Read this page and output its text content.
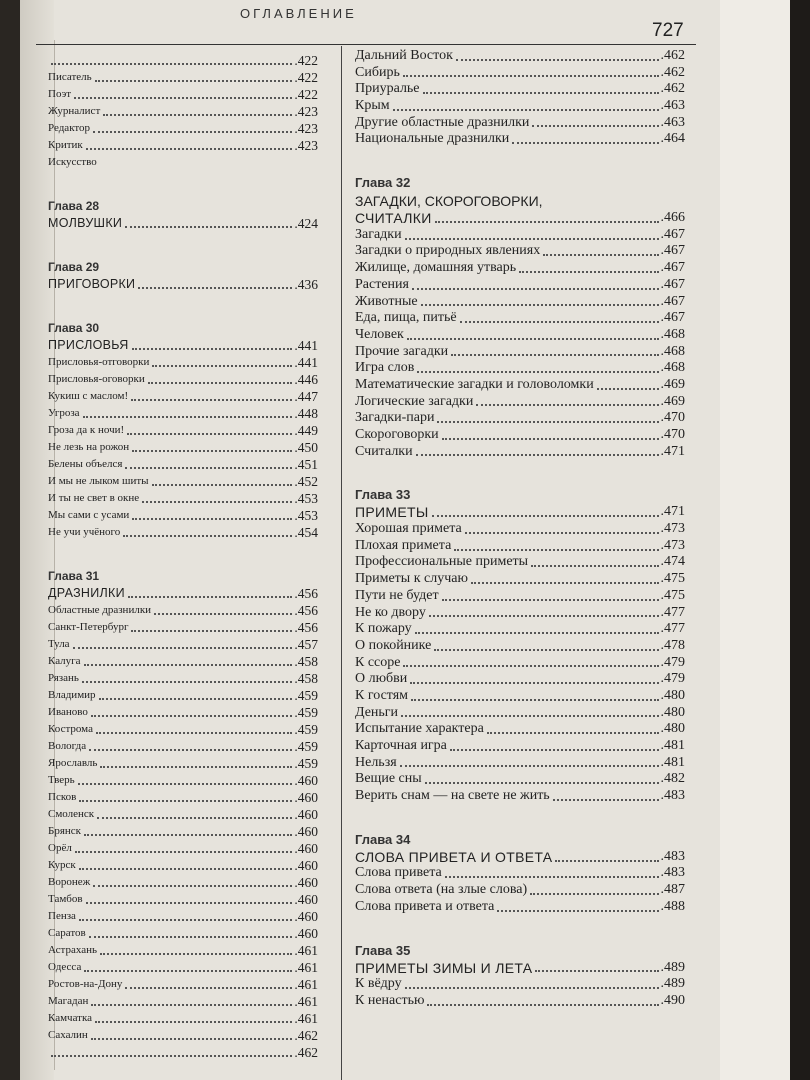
ОГЛАВЛЕНИЕ
727
.422
Писатель	.422
Поэт	.422
Журналист	.423
Редактор	.423
Критик	.423
Искусство
Глава 28
МОЛВУШКИ	.424
Глава 29
ПРИГОВОРКИ	.436
Глава 30
ПРИСЛОВЬЯ	.441
Присловья-отговорки	.441
Присловья-оговорки	.446
Кукиш с маслом!	.447
Угроза	.448
Гроза да к ночи!	.449
Не лезь на рожон	.450
Белены объелся	.451
И мы не лыком шиты	.452
И ты не свет в окне	.453
Мы сами с усами	.453
Не учи учёного	.454
Глава 31
ДРАЗНИЛКИ	.456
Областные дразнилки	.456
Санкт-Петербург	.456
Тула	.457
Калуга	.458
Рязань	.458
Владимир	.459
Иваново	.459
Кострома	.459
Вологда	.459
Ярославль	.459
Тверь	.460
Псков	.460
Смоленск	.460
Брянск	.460
Орёл	.460
Курск	.460
Воронеж	.460
Тамбов	.460
Пенза	.460
Саратов	.460
Астрахань	.461
Одесса	.461
Ростов-на-Дону	.461
Магадан	.461
Камчатка	.461
Сахалин	.462
.462
Дальний Восток	.462
Сибирь	.462
Приуралье	.462
Крым	.463
Другие областные дразнилки	.463
Национальные дразнилки	.464
Глава 32
ЗАГАДКИ, СКОРОГОВОРКИ,
СЧИТАЛКИ	.466
Загадки	.467
Загадки о природных явлениях	.467
Жилище, домашняя утварь	.467
Растения	.467
Животные	.467
Еда, пища, питьё	.467
Человек	.468
Прочие загадки	.468
Игра слов	.468
Математические загадки и головоломки	.469
Логические загадки	.469
Загадки-пари	.470
Скороговорки	.470
Считалки	.471
Глава 33
ПРИМЕТЫ	.471
Хорошая примета	.473
Плохая примета	.473
Профессиональные приметы	.474
Приметы к случаю	.475
Пути не будет	.475
Не ко двору	.477
К пожару	.477
О покойнике	.478
К ссоре	.479
О любви	.479
К гостям	.480
Деньги	.480
Испытание характера	.480
Карточная игра	.481
Нельзя	.481
Вещие сны	.482
Верить снам — на свете не жить	.483
Глава 34
СЛОВА ПРИВЕТА И ОТВЕТА	.483
Слова привета	.483
Слова ответа (на злые слова)	.487
Слова привета и ответа	.488
Глава 35
ПРИМЕТЫ ЗИМЫ И ЛЕТА	.489
К вёдру	.489
К ненастью	.490
